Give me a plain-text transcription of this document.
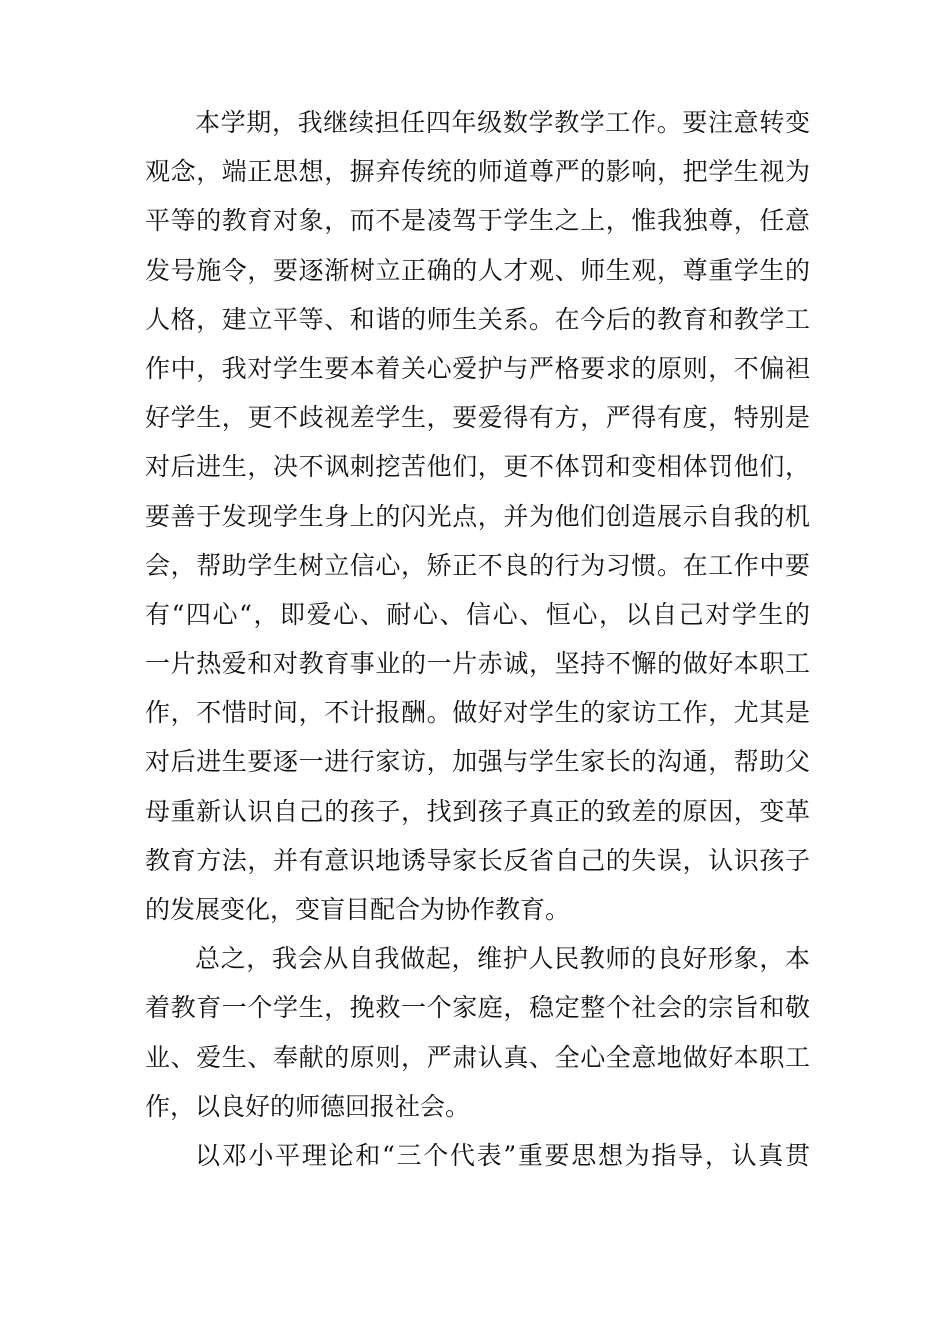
本学期，我继续担任四年级数学教学工作。要注意转变
观念，端正思想，摒弃传统的师道尊严的影响，把学生视为
平等的教育对象，而不是凌驾于学生之上，惟我独尊，任意
发号施令，要逐渐树立正确的人才观、师生观，尊重学生的
人格，建立平等、和谐的师生关系。在今后的教育和教学工
作中，我对学生要本着关心爱护与严格要求的原则，不偏袒
好学生，更不歧视差学生，要爱得有方，严得有度，特别是
对后进生，决不讽刺挖苦他们，更不体罚和变相体罚他们，
要善于发现学生身上的闪光点，并为他们创造展示自我的机
会，帮助学生树立信心，矫正不良的行为习惯。在工作中要
有“四心“，即爱心、耐心、信心、恒心，以自己对学生的
一片热爱和对教育事业的一片赤诚，坚持不懈的做好本职工
作，不惜时间，不计报酬。做好对学生的家访工作，尤其是
对后进生要逐一进行家访，加强与学生家长的沟通，帮助父
母重新认识自己的孩子，找到孩子真正的致差的原因，变革
教育方法，并有意识地诱导家长反省自己的失误，认识孩子
的发展变化，变盲目配合为协作教育。
总之，我会从自我做起，维护人民教师的良好形象，本
着教育一个学生，挽救一个家庭，稳定整个社会的宗旨和敬
业、爱生、奉献的原则，严肃认真、全心全意地做好本职工
作，以良好的师德回报社会。
以邓小平理论和“三个代表”重要思想为指导，认真贯
